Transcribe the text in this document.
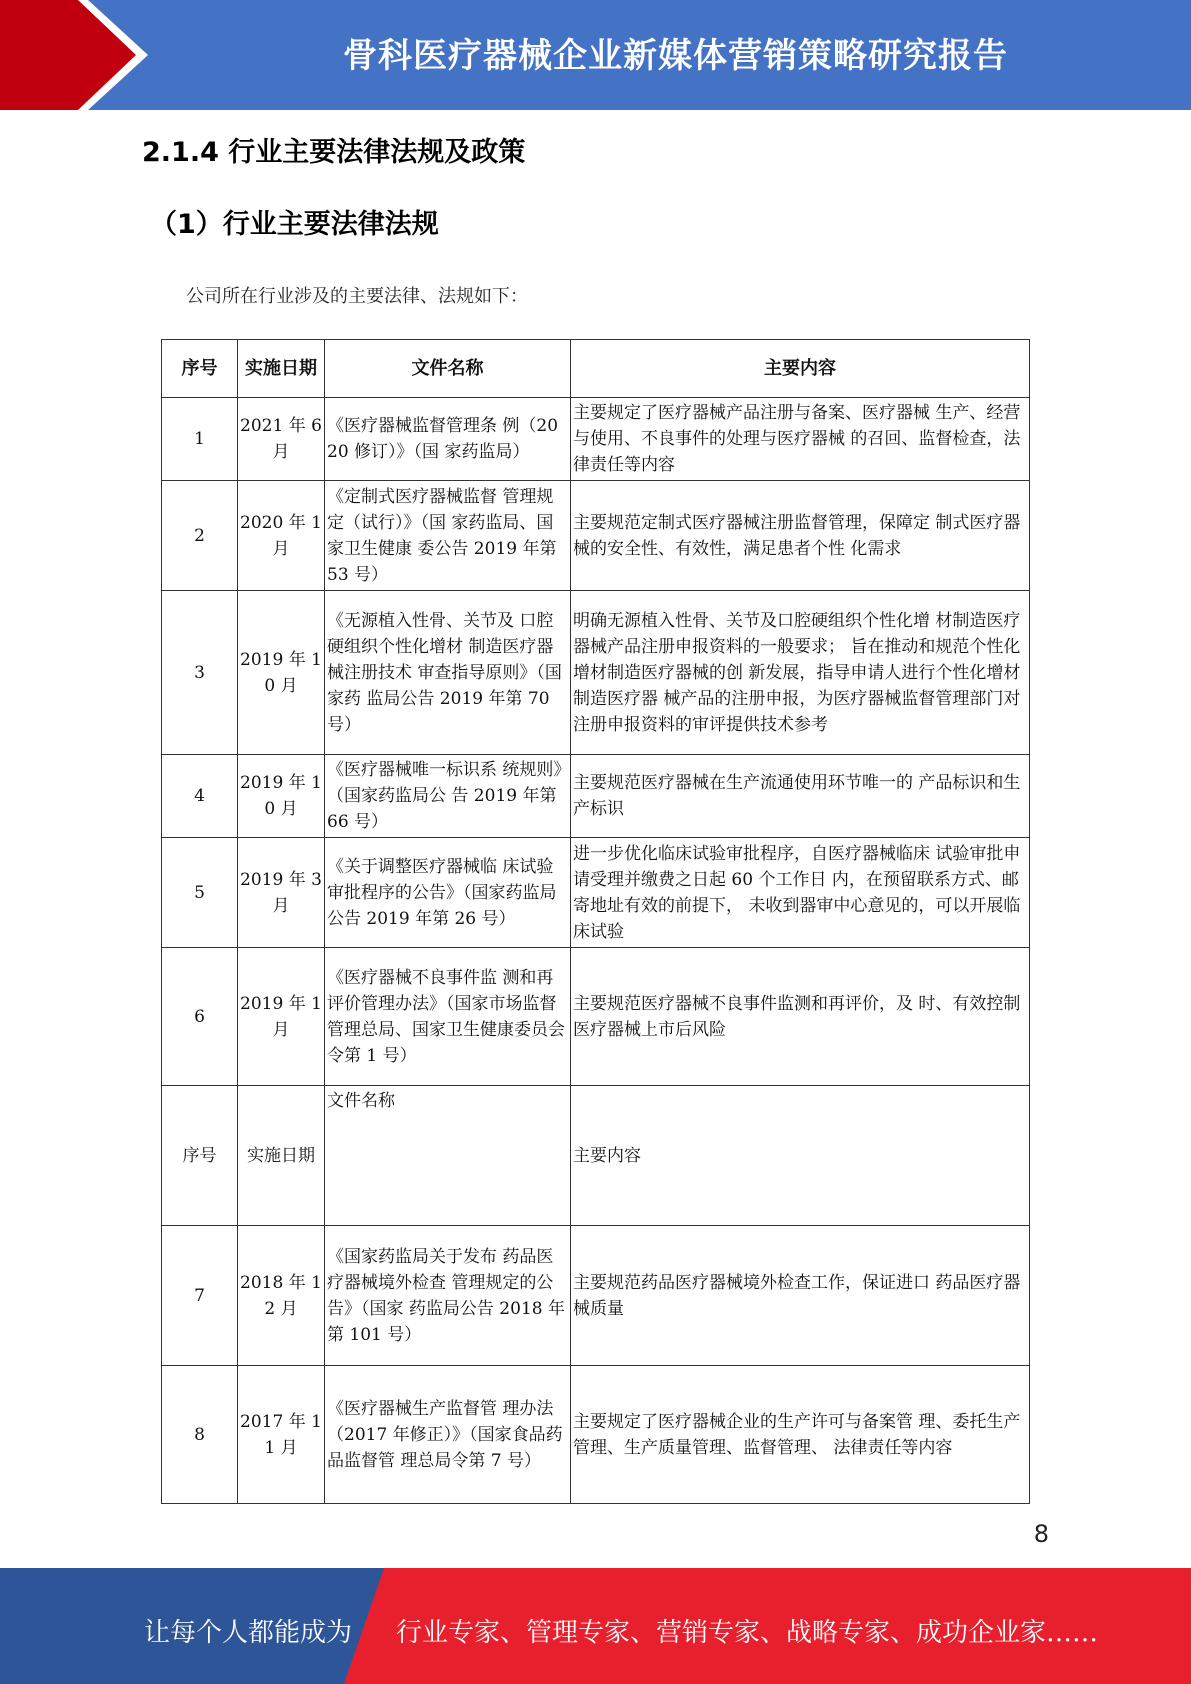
骨科医疗器械企业新媒体营销策略研究报告
2.1.4 行业主要法律法规及政策
（1）行业主要法律法规
公司所在行业涉及的主要法律、法规如下：
序号	实施日期	文件名称	主要内容
1	2021 年 6 月	《医疗器械监督管理条 例（2020 修订）》（国 家药监局）	主要规定了医疗器械产品注册与备案、医疗器械 生产、经营与使用、不良事件的处理与医疗器械 的召回、监督检查，法律责任等内容
2	2020 年 1 月	《定制式医疗器械监督 管理规定（试行）》（国 家药监局、国家卫生健康 委公告 2019 年第 53 号）	主要规范定制式医疗器械注册监督管理，保障定 制式医疗器械的安全性、有效性，满足患者个性 化需求
3	2019 年 10 月	《无源植入性骨、关节及 口腔硬组织个性化增材 制造医疗器械注册技术 审查指导原则》（国家药 监局公告 2019 年第 70 号）	明确无源植入性骨、关节及口腔硬组织个性化增 材制造医疗器械产品注册申报资料的一般要求； 旨在推动和规范个性化增材制造医疗器械的创 新发展，指导申请人进行个性化增材制造医疗器 械产品的注册申报，为医疗器械监督管理部门对 注册申报资料的审评提供技术参考
4	2019 年 10 月	《医疗器械唯一标识系 统规则》（国家药监局公 告 2019 年第 66 号）	主要规范医疗器械在生产流通使用环节唯一的 产品标识和生产标识
5	2019 年 3 月	《关于调整医疗器械临 床试验审批程序的公告》（国家药监局公告 2019 年第 26 号）	进一步优化临床试验审批程序，自医疗器械临床 试验审批申请受理并缴费之日起 60 个工作日 内，在预留联系方式、邮寄地址有效的前提下， 未收到器审中心意见的，可以开展临床试验
6	2019 年 1 月	《医疗器械不良事件监 测和再评价管理办法》（国家市场监督管理总局、国家卫生健康委员会令第 1 号）	主要规范医疗器械不良事件监测和再评价，及 时、有效控制医疗器械上市后风险
序号	实施日期	文件名称	主要内容
7	2018 年 12 月	《国家药监局关于发布 药品医疗器械境外检查 管理规定的公告》（国家 药监局公告 2018 年第 101 号）	主要规范药品医疗器械境外检查工作，保证进口 药品医疗器械质量
8	2017 年 11 月	《医疗器械生产监督管 理办法（2017 年修正）》（国家食品药品监督管 理总局令第 7 号）	主要规定了医疗器械企业的生产许可与备案管 理、委托生产管理、生产质量管理、监督管理、 法律责任等内容
8
让每个人都能成为 行业专家、管理专家、营销专家、战略专家、成功企业家……
